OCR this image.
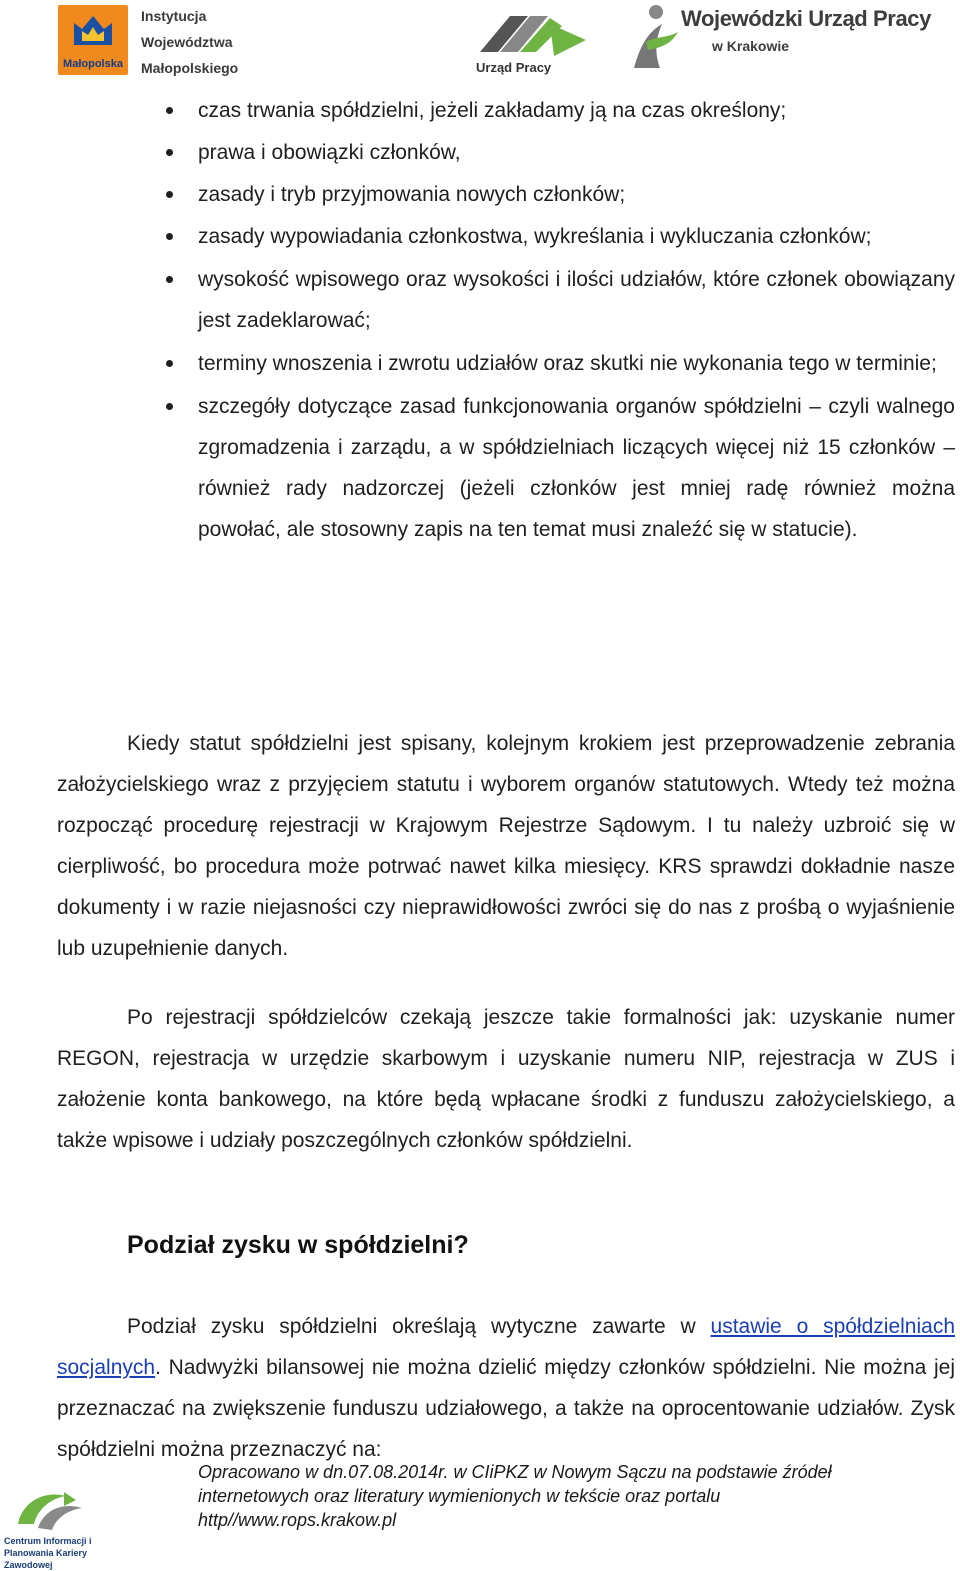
Małopolska
Instytucja
Województwa
Małopolskiego	Urząd Pracy
Wojewódzki Urząd Pracy
w Krakowie
czas trwania spółdzielni, jeżeli zakładamy ją na czas określony;
prawa i obowiązki członków,
zasady i tryb przyjmowania nowych członków;
zasady wypowiadania członkostwa, wykreślania i wykluczania członków;
wysokość wpisowego oraz wysokości i ilości udziałów, które członek obowiązany jest zadeklarować;
terminy wnoszenia i zwrotu udziałów oraz skutki nie wykonania tego w terminie;
szczegóły dotyczące zasad funkcjonowania organów spółdzielni – czyli walnego zgromadzenia i zarządu, a w spółdzielniach liczących więcej niż 15 członków – również rady nadzorczej (jeżeli członków jest mniej radę również można powołać, ale stosowny zapis na ten temat musi znaleźć się w statucie).

Kiedy statut spółdzielni jest spisany, kolejnym krokiem jest przeprowadzenie zebrania założycielskiego wraz z przyjęciem statutu i wyborem organów statutowych. Wtedy też można rozpocząć procedurę rejestracji w Krajowym Rejestrze Sądowym. I tu należy uzbroić się w cierpliwość, bo procedura może potrwać nawet kilka miesięcy. KRS sprawdzi dokładnie nasze dokumenty i w razie niejasności czy nieprawidłowości zwróci się do nas z prośbą o wyjaśnienie lub uzupełnienie danych.

Po rejestracji spółdzielców czekają jeszcze takie formalności jak: uzyskanie numer REGON, rejestracja w urzędzie skarbowym i uzyskanie numeru NIP, rejestracja w ZUS i założenie konta bankowego, na które będą wpłacane środki z funduszu założycielskiego, a także wpisowe i udziały poszczególnych członków spółdzielni.

Podział zysku w spółdzielni?

Podział zysku spółdzielni określają wytyczne zawarte w ustawie o spółdzielniach socjalnych. Nadwyżki bilansowej nie można dzielić między członków spółdzielni. Nie można jej przeznaczać na zwiększenie funduszu udziałowego, a także na oprocentowanie udziałów. Zysk spółdzielni można przeznaczyć na:

Centrum Informacji i Planowania Kariery Zawodowej
Opracowano w dn.07.08.2014r. w CIiPKZ w Nowym Sączu na podstawie źródeł
internetowych oraz literatury wymienionych w tekście oraz portalu
http//www.rops.krakow.pl
